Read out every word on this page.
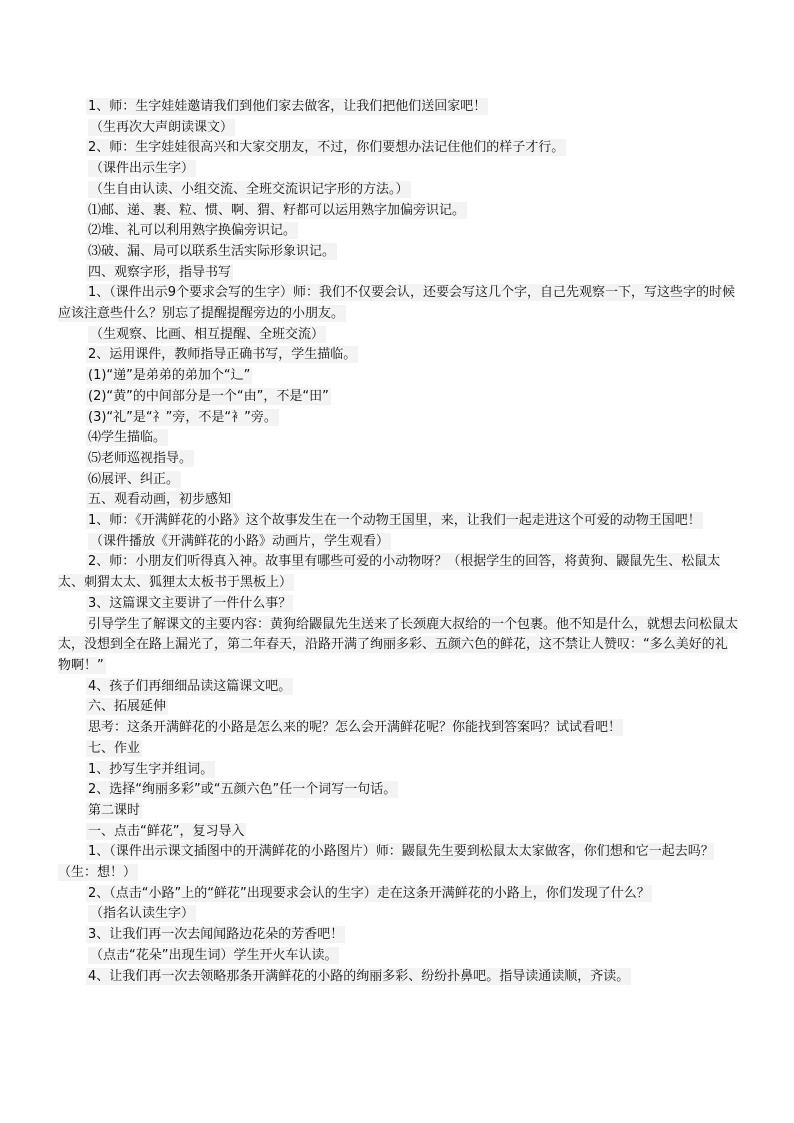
1、师：生字娃娃邀请我们到他们家去做客，让我们把他们送回家吧！
（生再次大声朗读课文）
2、师：生字娃娃很高兴和大家交朋友，不过，你们要想办法记住他们的样子才行。
（课件出示生字）
（生自由认读、小组交流、全班交流识记字形的方法。）
⑴邮、递、裹、粒、惯、啊、猬、籽都可以运用熟字加偏旁识记。
⑵堆、礼可以利用熟字换偏旁识记。
⑶破、漏、局可以联系生活实际形象识记。
四、观察字形，指导书写
1、（课件出示9个要求会写的生字）师：我们不仅要会认，还要会写这几个字，自己先观察一下，写这些字的时候应该注意些什么？别忘了提醒提醒旁边的小朋友。
（生观察、比画、相互提醒、全班交流）
2、运用课件，教师指导正确书写，学生描临。
(1)“递”是弟弟的弟加个“辶”
(2)“黄”的中间部分是一个“由”，不是“田”
(3)“礼”是“礻”旁，不是“衤”旁。
⑷学生描临。
⑸老师巡视指导。
⑹展评、纠正。
五、观看动画，初步感知
1、师：《开满鲜花的小路》这个故事发生在一个动物王国里，来，让我们一起走进这个可爱的动物王国吧！
（课件播放《开满鲜花的小路》动画片，学生观看）
2、师：小朋友们听得真入神。故事里有哪些可爱的小动物呀？（根据学生的回答，将黄狗、鼹鼠先生、松鼠太太、刺猬太太、狐狸太太板书于黑板上）
3、这篇课文主要讲了一件什么事？
引导学生了解课文的主要内容：黄狗给鼹鼠先生送来了长颈鹿大叔给的一个包裹。他不知是什么，就想去问松鼠太太，没想到全在路上漏光了，第二年春天，沿路开满了绚丽多彩、五颜六色的鲜花，这不禁让人赞叹：“多么美好的礼物啊！”
4、孩子们再细细品读这篇课文吧。
六、拓展延伸
思考：这条开满鲜花的小路是怎么来的呢？怎么会开满鲜花呢？你能找到答案吗？试试看吧！
七、作业
1、抄写生字并组词。
2、选择“绚丽多彩”或“五颜六色”任一个词写一句话。
第二课时
一、点击“鲜花”，复习导入
1、（课件出示课文插图中的开满鲜花的小路图片）师：鼹鼠先生要到松鼠太太家做客，你们想和它一起去吗？（生：想！）
2、（点击“小路”上的“鲜花”出现要求会认的生字）走在这条开满鲜花的小路上，你们发现了什么？
（指名认读生字）
3、让我们再一次去闻闻路边花朵的芳香吧！
（点击“花朵”出现生词）学生开火车认读。
4、让我们再一次去领略那条开满鲜花的小路的绚丽多彩、纷纷扑鼻吧。指导读通读顺，齐读。
